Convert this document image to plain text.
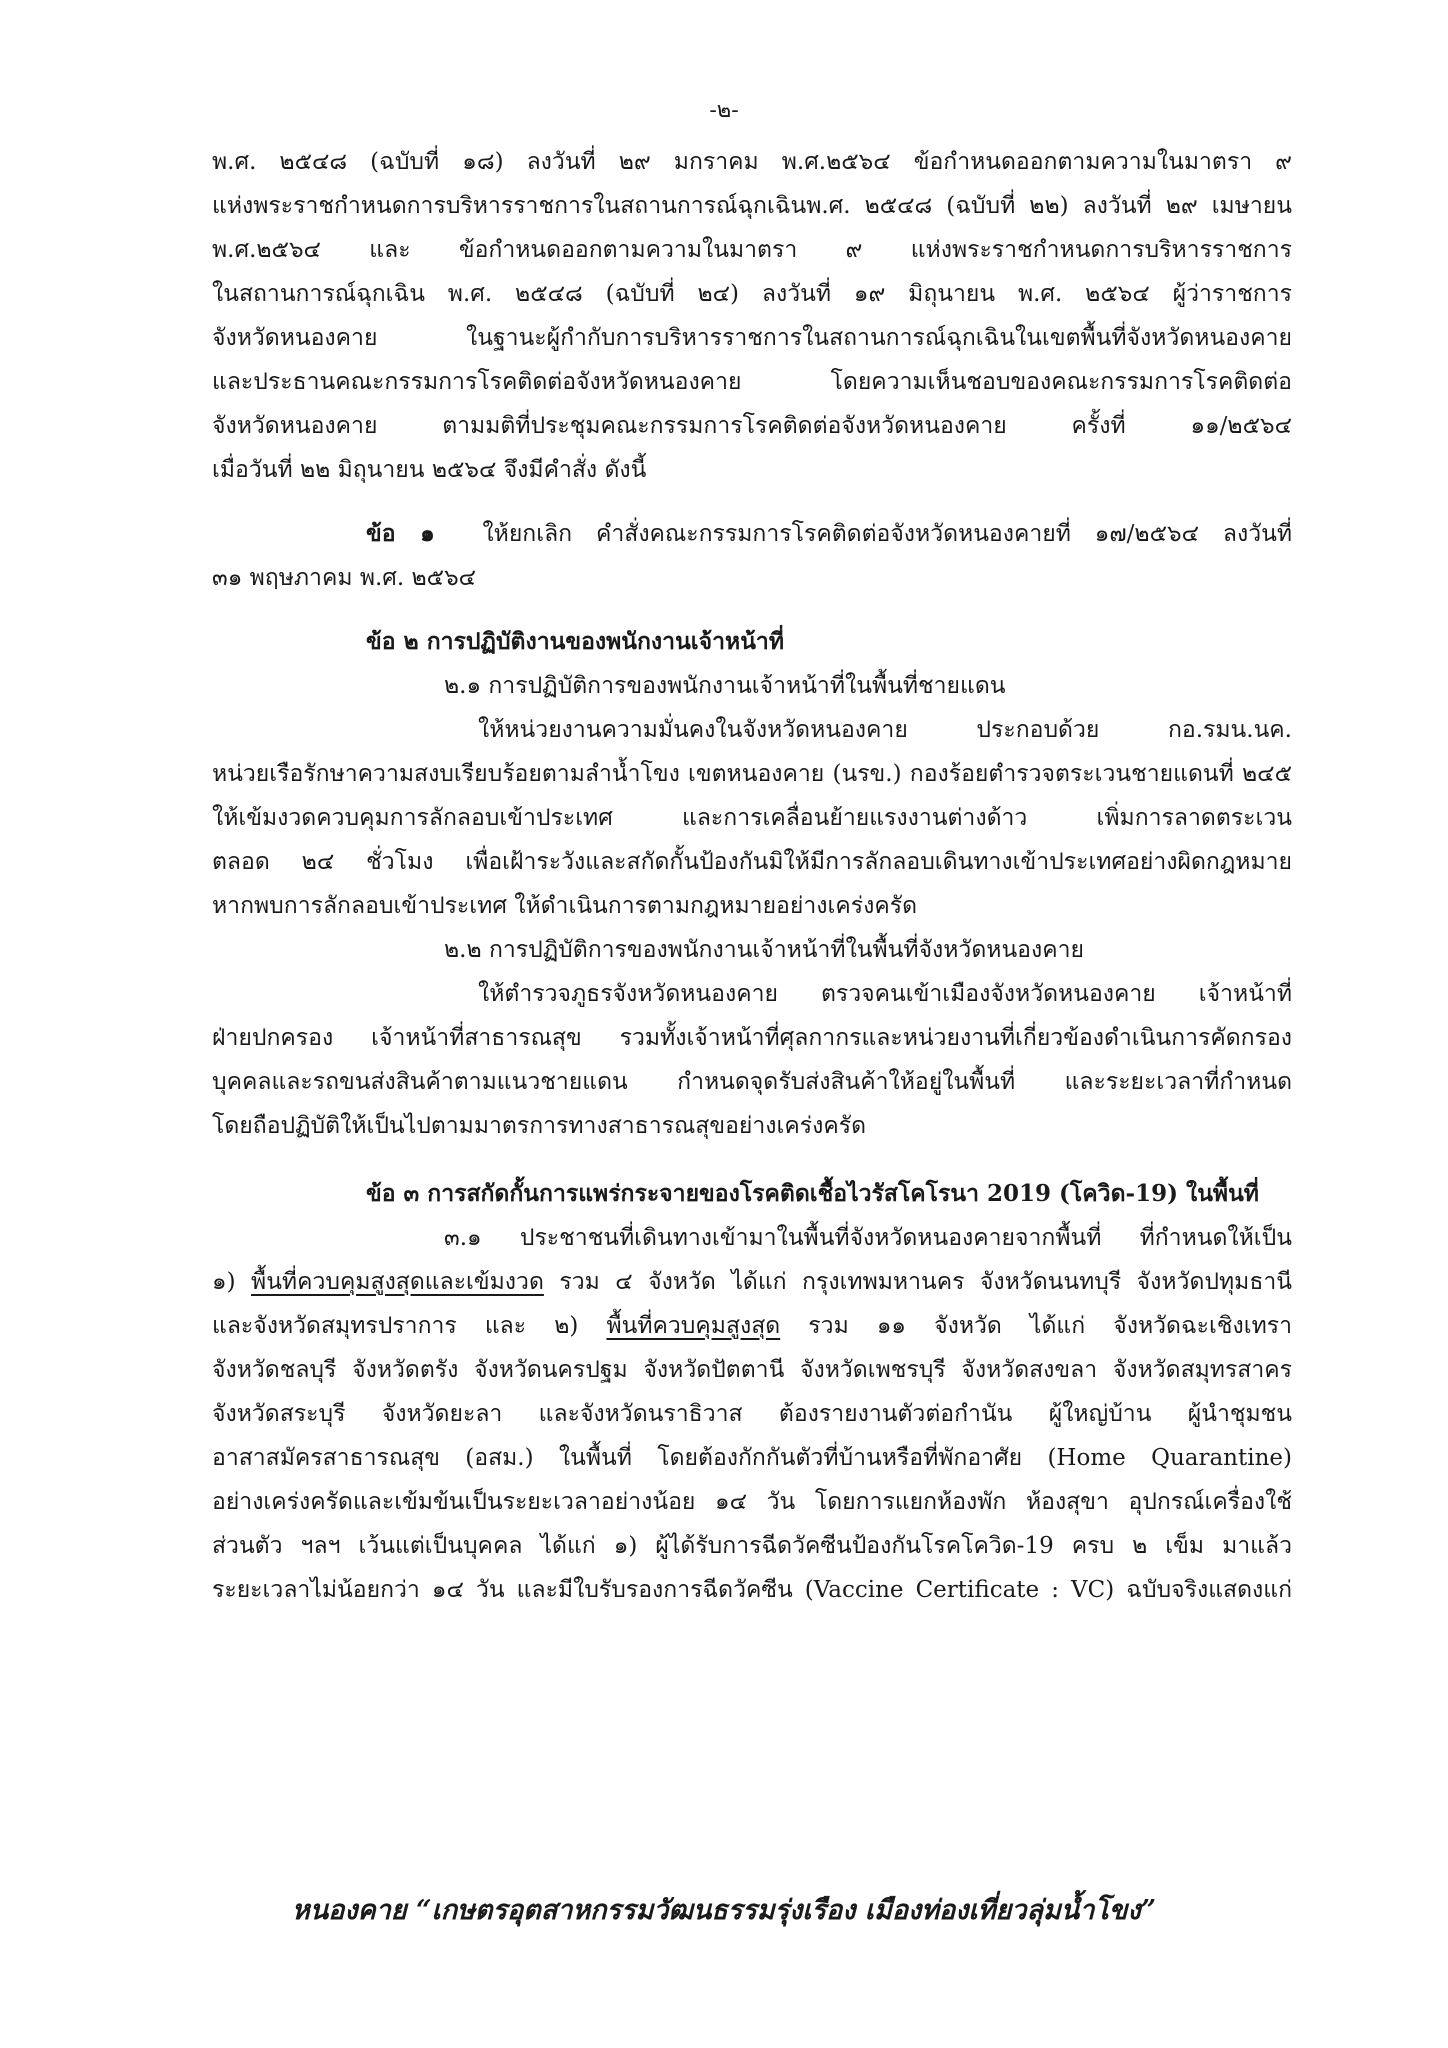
-๒-
พ.ศ. ๒๕๔๘ (ฉบับที่ ๑๘) ลงวันที่ ๒๙ มกราคม พ.ศ.๒๕๖๔ ข้อกำหนดออกตามความในมาตรา ๙
แห่งพระราชกำหนดการบริหารราชการในสถานการณ์ฉุกเฉินพ.ศ. ๒๕๔๘ (ฉบับที่ ๒๒) ลงวันที่ ๒๙ เมษายน
พ.ศ.๒๕๖๔ และ ข้อกำหนดออกตามความในมาตรา ๙ แห่งพระราชกำหนดการบริหารราชการ
ในสถานการณ์ฉุกเฉิน พ.ศ. ๒๕๔๘ (ฉบับที่ ๒๔) ลงวันที่ ๑๙ มิถุนายน พ.ศ. ๒๕๖๔ ผู้ว่าราชการ
จังหวัดหนองคาย ในฐานะผู้กำกับการบริหารราชการในสถานการณ์ฉุกเฉินในเขตพื้นที่จังหวัดหนองคาย
และประธานคณะกรรมการโรคติดต่อจังหวัดหนองคาย โดยความเห็นชอบของคณะกรรมการโรคติดต่อ
จังหวัดหนองคาย ตามมติที่ประชุมคณะกรรมการโรคติดต่อจังหวัดหนองคาย ครั้งที่ ๑๑/๒๕๖๔
เมื่อวันที่ ๒๒ มิถุนายน ๒๕๖๔ จึงมีคำสั่ง ดังนี้
ข้อ ๑ ให้ยกเลิก คำสั่งคณะกรรมการโรคติดต่อจังหวัดหนองคายที่ ๑๗/๒๕๖๔ ลงวันที่
๓๑ พฤษภาคม พ.ศ. ๒๕๖๔
ข้อ ๒ การปฏิบัติงานของพนักงานเจ้าหน้าที่
๒.๑ การปฏิบัติการของพนักงานเจ้าหน้าที่ในพื้นที่ชายแดน
ให้หน่วยงานความมั่นคงในจังหวัดหนองคาย ประกอบด้วย กอ.รมน.นค.
หน่วยเรือรักษาความสงบเรียบร้อยตามลำน้ำโขง เขตหนองคาย (นรข.) กองร้อยตำรวจตระเวนชายแดนที่ ๒๔๕
ให้เข้มงวดควบคุมการลักลอบเข้าประเทศ และการเคลื่อนย้ายแรงงานต่างด้าว เพิ่มการลาดตระเวน
ตลอด ๒๔ ชั่วโมง เพื่อเฝ้าระวังและสกัดกั้นป้องกันมิให้มีการลักลอบเดินทางเข้าประเทศอย่างผิดกฎหมาย
หากพบการลักลอบเข้าประเทศ ให้ดำเนินการตามกฎหมายอย่างเคร่งครัด
๒.๒ การปฏิบัติการของพนักงานเจ้าหน้าที่ในพื้นที่จังหวัดหนองคาย
ให้ตำรวจภูธรจังหวัดหนองคาย ตรวจคนเข้าเมืองจังหวัดหนองคาย เจ้าหน้าที่
ฝ่ายปกครอง เจ้าหน้าที่สาธารณสุข รวมทั้งเจ้าหน้าที่ศุลกากรและหน่วยงานที่เกี่ยวข้องดำเนินการคัดกรอง
บุคคลและรถขนส่งสินค้าตามแนวชายแดน กำหนดจุดรับส่งสินค้าให้อยู่ในพื้นที่ และระยะเวลาที่กำหนด
โดยถือปฏิบัติให้เป็นไปตามมาตรการทางสาธารณสุขอย่างเคร่งครัด
ข้อ ๓ การสกัดกั้นการแพร่กระจายของโรคติดเชื้อไวรัสโคโรนา 2019 (โควิด-19) ในพื้นที่
๓.๑ ประชาชนที่เดินทางเข้ามาในพื้นที่จังหวัดหนองคายจากพื้นที่ ที่กำหนดให้เป็น
๑) พื้นที่ควบคุมสูงสุดและเข้มงวด รวม ๔ จังหวัด ได้แก่ กรุงเทพมหานคร จังหวัดนนทบุรี จังหวัดปทุมธานี
และจังหวัดสมุทรปราการ และ ๒) พื้นที่ควบคุมสูงสุด รวม ๑๑ จังหวัด ได้แก่ จังหวัดฉะเชิงเทรา
จังหวัดชลบุรี จังหวัดตรัง จังหวัดนครปฐม จังหวัดปัตตานี จังหวัดเพชรบุรี จังหวัดสงขลา จังหวัดสมุทรสาคร
จังหวัดสระบุรี จังหวัดยะลา และจังหวัดนราธิวาส ต้องรายงานตัวต่อกำนัน ผู้ใหญ่บ้าน ผู้นำชุมชน
อาสาสมัครสาธารณสุข (อสม.) ในพื้นที่ โดยต้องกักกันตัวที่บ้านหรือที่พักอาศัย (Home Quarantine)
อย่างเคร่งครัดและเข้มข้นเป็นระยะเวลาอย่างน้อย ๑๔ วัน โดยการแยกห้องพัก ห้องสุขา อุปกรณ์เครื่องใช้
ส่วนตัว ฯลฯ เว้นแต่เป็นบุคคล ได้แก่ ๑) ผู้ได้รับการฉีดวัคซีนป้องกันโรคโควิด-19 ครบ ๒ เข็ม มาแล้ว
ระยะเวลาไม่น้อยกว่า ๑๔ วัน และมีใบรับรองการฉีดวัคซีน (Vaccine Certificate : VC) ฉบับจริงแสดงแก่
หนองคาย “เกษตรอุตสาหกรรมวัฒนธรรมรุ่งเรือง เมืองท่องเที่ยวลุ่มน้ำโขง”
